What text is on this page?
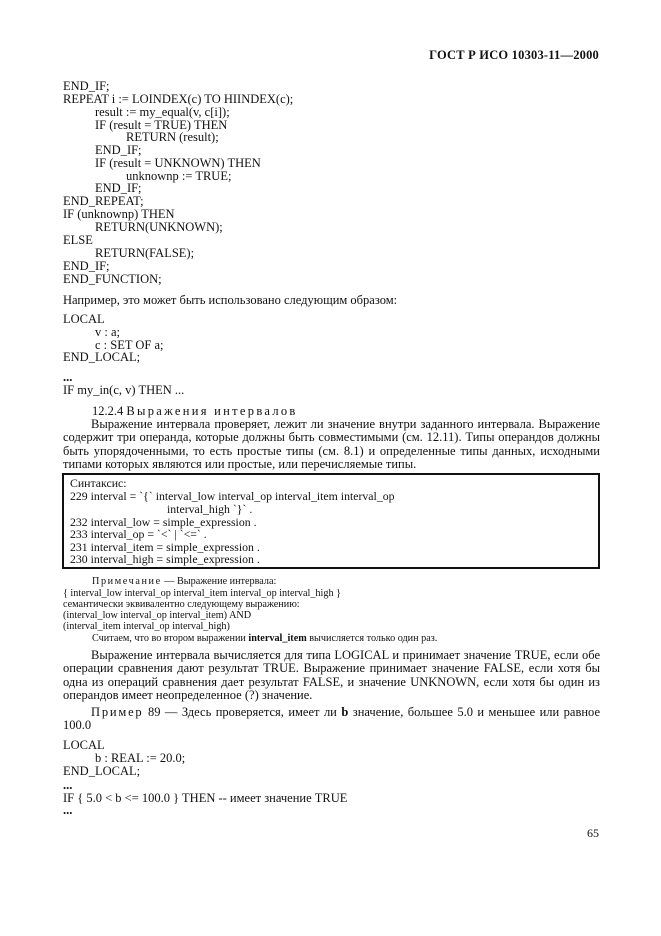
ГОСТ Р ИСО 10303-11—2000
END_IF;
REPEAT i := LOINDEX(c) TO HIINDEX(c);
result := my_equal(v, c[i]);
IF (result = TRUE) THEN
RETURN (result);
END_IF;
IF (result = UNKNOWN) THEN
unknownp := TRUE;
END_IF;
END_REPEAT;
IF (unknownp) THEN
RETURN(UNKNOWN);
ELSE
RETURN(FALSE);
END_IF;
END_FUNCTION;
Например, это может быть использовано следующим образом:
LOCAL
v : a;
c : SET OF a;
END_LOCAL;
...
IF my_in(c, v) THEN ...
12.2.4 Выражения интервалов
Выражение интервала проверяет, лежит ли значение внутри заданного интервала. Выражение содержит три операнда, которые должны быть совместимыми (см. 12.11). Типы операндов должны быть упорядоченными, то есть простые типы (см. 8.1) и определенные типы данных, исходными типами которых являются или простые, или перечисляемые типы.
Синтаксис:
229 interval = `{` interval_low interval_op interval_item interval_op
interval_high `}` .
232 interval_low = simple_expression .
233 interval_op = `<` | `<=` .
231 interval_item = simple_expression .
230 interval_high = simple_expression .
Примечание — Выражение интервала:
{ interval_low interval_op interval_item interval_op interval_high }
семантически эквивалентно следующему выражению:
(interval_low interval_op interval_item) AND
(interval_item interval_op interval_high)
Считаем, что во втором выражении interval_item вычисляется только один раз.
Выражение интервала вычисляется для типа LOGICAL и принимает значение TRUE, если обе операции сравнения дают результат TRUE. Выражение принимает значение FALSE, если хотя бы одна из операций сравнения дает результат FALSE, и значение UNKNOWN, если хотя бы один из операндов имеет неопределенное (?) значение.
Пример 89 — Здесь проверяется, имеет ли b значение, большее 5.0 и меньшее или равное 100.0
LOCAL
b : REAL := 20.0;
END_LOCAL;
...
IF { 5.0 < b <= 100.0 } THEN -- имеет значение TRUE
...
65
